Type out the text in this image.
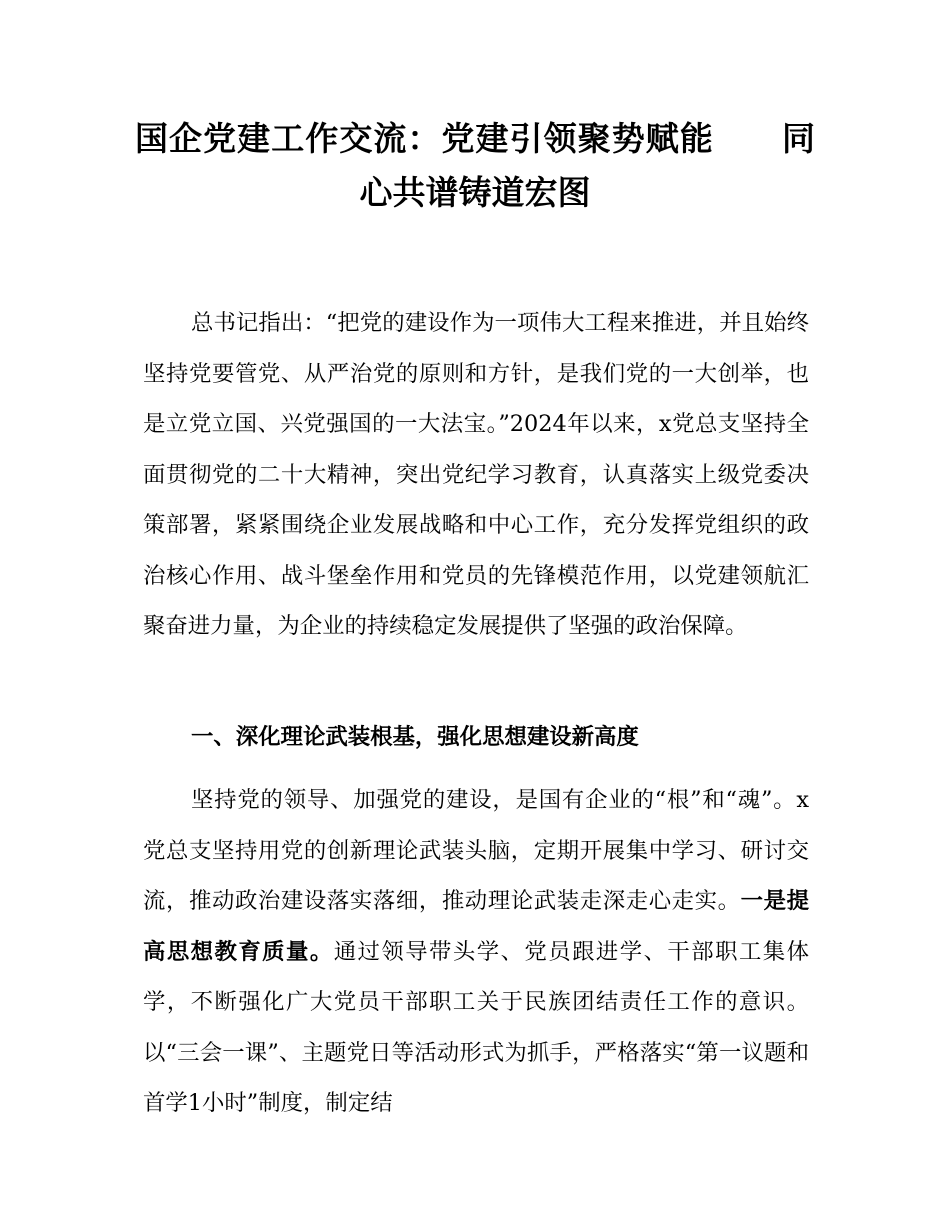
国企党建工作交流：党建引领聚势赋能　　同
心共谱铸道宏图

总书记指出：“把党的建设作为一项伟大工程来推进，并且始终坚持党要管党、从严治党的原则和方针，是我们党的一大创举，也是立党立国、兴党强国的一大法宝。”2024年以来，x党总支坚持全面贯彻党的二十大精神，突出党纪学习教育，认真落实上级党委决策部署，紧紧围绕企业发展战略和中心工作，充分发挥党组织的政治核心作用、战斗堡垒作用和党员的先锋模范作用，以党建领航汇聚奋进力量，为企业的持续稳定发展提供了坚强的政治保障。

一、深化理论武装根基，强化思想建设新高度

坚持党的领导、加强党的建设，是国有企业的“根”和“魂”。x党总支坚持用党的创新理论武装头脑，定期开展集中学习、研讨交流，推动政治建设落实落细，推动理论武装走深走心走实。一是提高思想教育质量。通过领导带头学、党员跟进学、干部职工集体学，不断强化广大党员干部职工关于民族团结责任工作的意识。以“三会一课”、主题党日等活动形式为抓手，严格落实“第一议题和首学1小时”制度，制定结
